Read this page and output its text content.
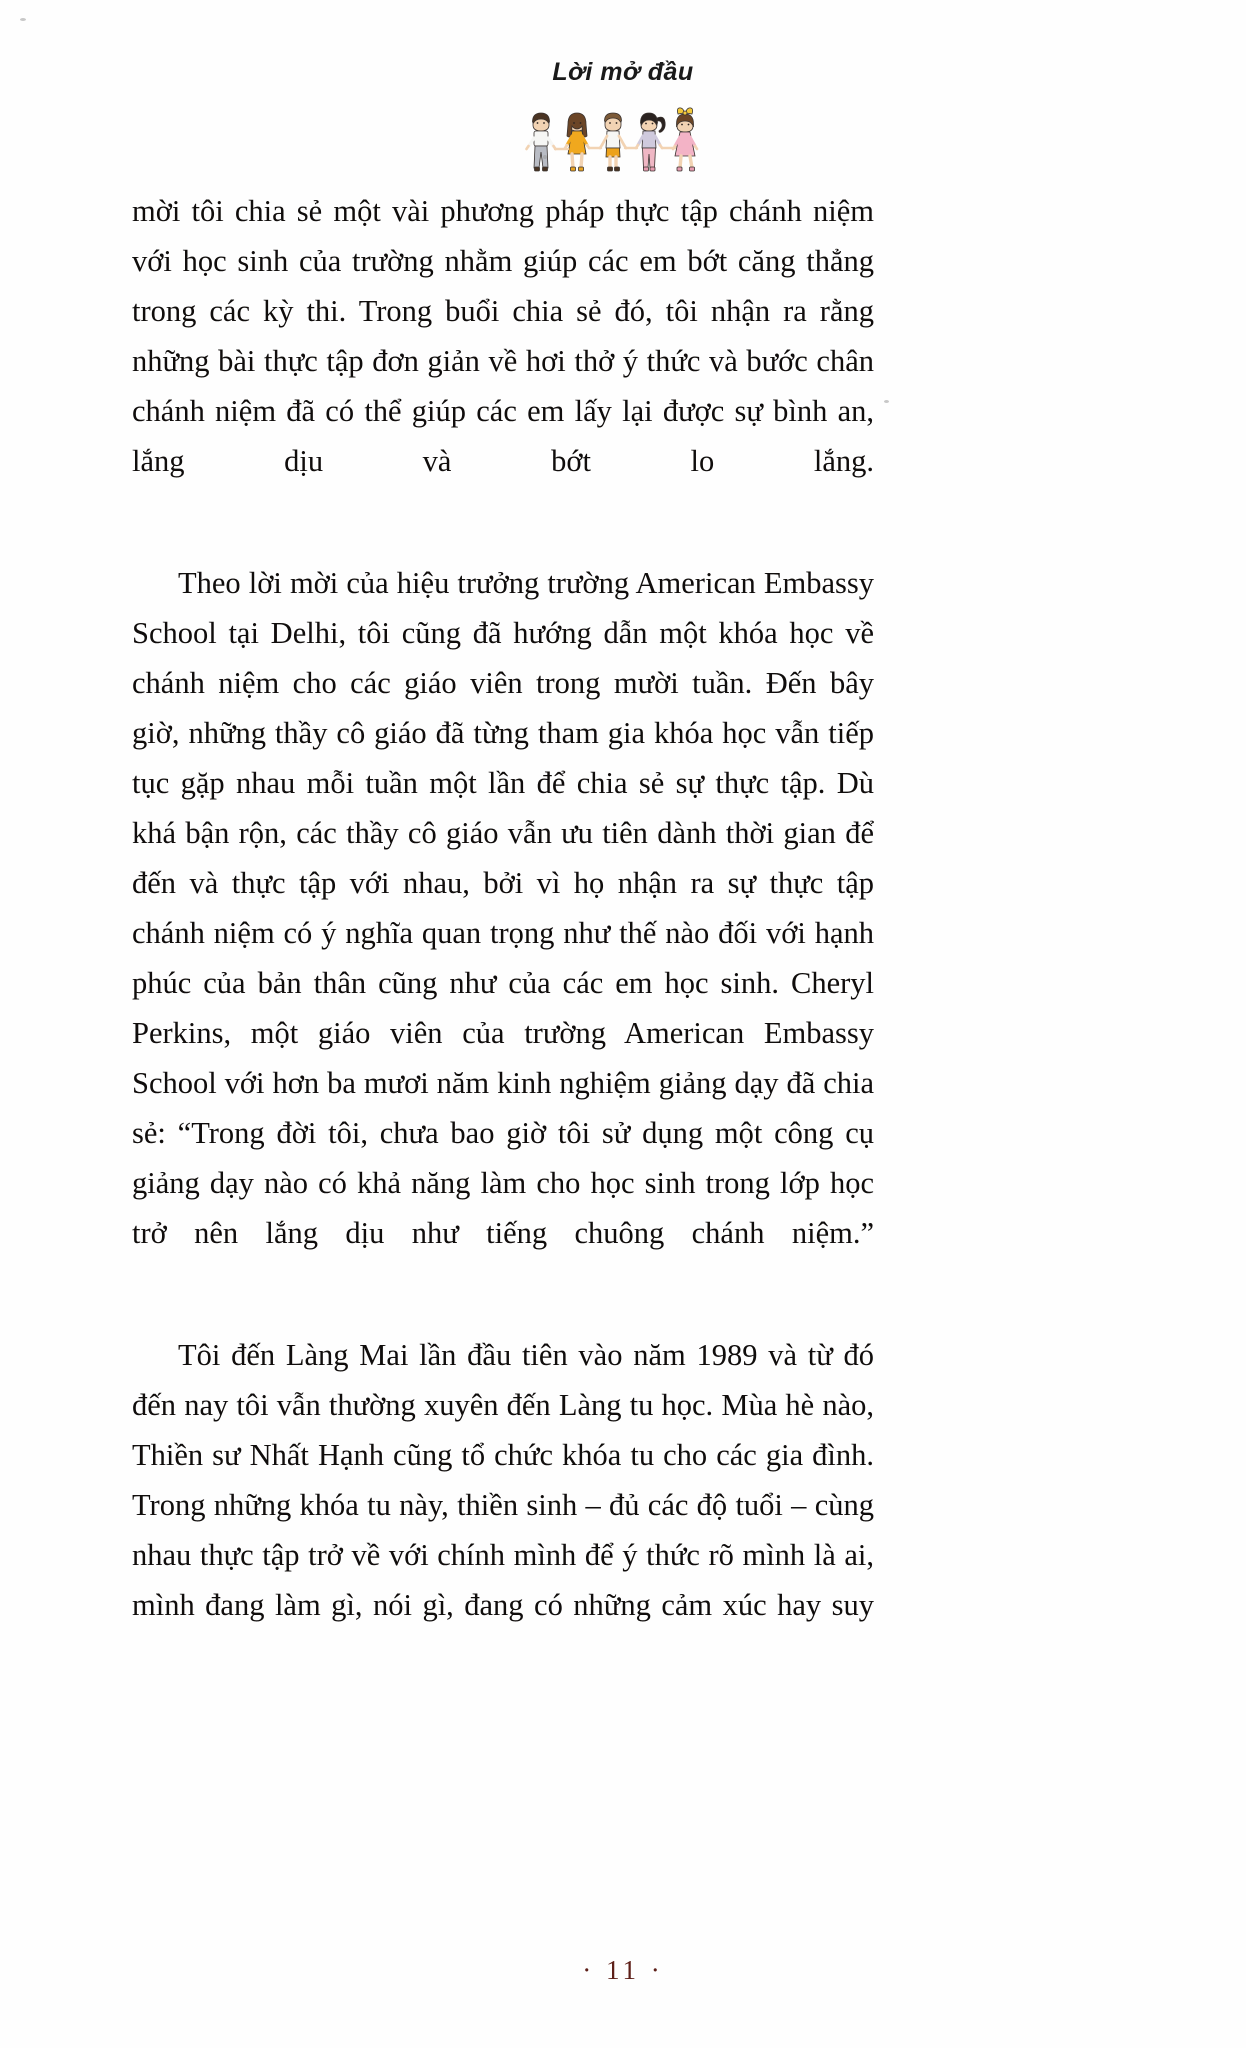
Lời mở đầu

mời tôi chia sẻ một vài phương pháp thực tập chánh niệm với học sinh của trường nhằm giúp các em bớt căng thẳng trong các kỳ thi. Trong buổi chia sẻ đó, tôi nhận ra rằng những bài thực tập đơn giản về hơi thở ý thức và bước chân chánh niệm đã có thể giúp các em lấy lại được sự bình an, lắng dịu và bớt lo lắng.

Theo lời mời của hiệu trưởng trường American Embassy School tại Delhi, tôi cũng đã hướng dẫn một khóa học về chánh niệm cho các giáo viên trong mười tuần. Đến bây giờ, những thầy cô giáo đã từng tham gia khóa học vẫn tiếp tục gặp nhau mỗi tuần một lần để chia sẻ sự thực tập. Dù khá bận rộn, các thầy cô giáo vẫn ưu tiên dành thời gian để đến và thực tập với nhau, bởi vì họ nhận ra sự thực tập chánh niệm có ý nghĩa quan trọng như thế nào đối với hạnh phúc của bản thân cũng như của các em học sinh. Cheryl Perkins, một giáo viên của trường American Embassy School với hơn ba mươi năm kinh nghiệm giảng dạy đã chia sẻ: “Trong đời tôi, chưa bao giờ tôi sử dụng một công cụ giảng dạy nào có khả năng làm cho học sinh trong lớp học trở nên lắng dịu như tiếng chuông chánh niệm.”

Tôi đến Làng Mai lần đầu tiên vào năm 1989 và từ đó đến nay tôi vẫn thường xuyên đến Làng tu học. Mùa hè nào, Thiền sư Nhất Hạnh cũng tổ chức khóa tu cho các gia đình. Trong những khóa tu này, thiền sinh – đủ các độ tuổi – cùng nhau thực tập trở về với chính mình để ý thức rõ mình là ai, mình đang làm gì, nói gì, đang có những cảm xúc hay suy

· 11 ·
